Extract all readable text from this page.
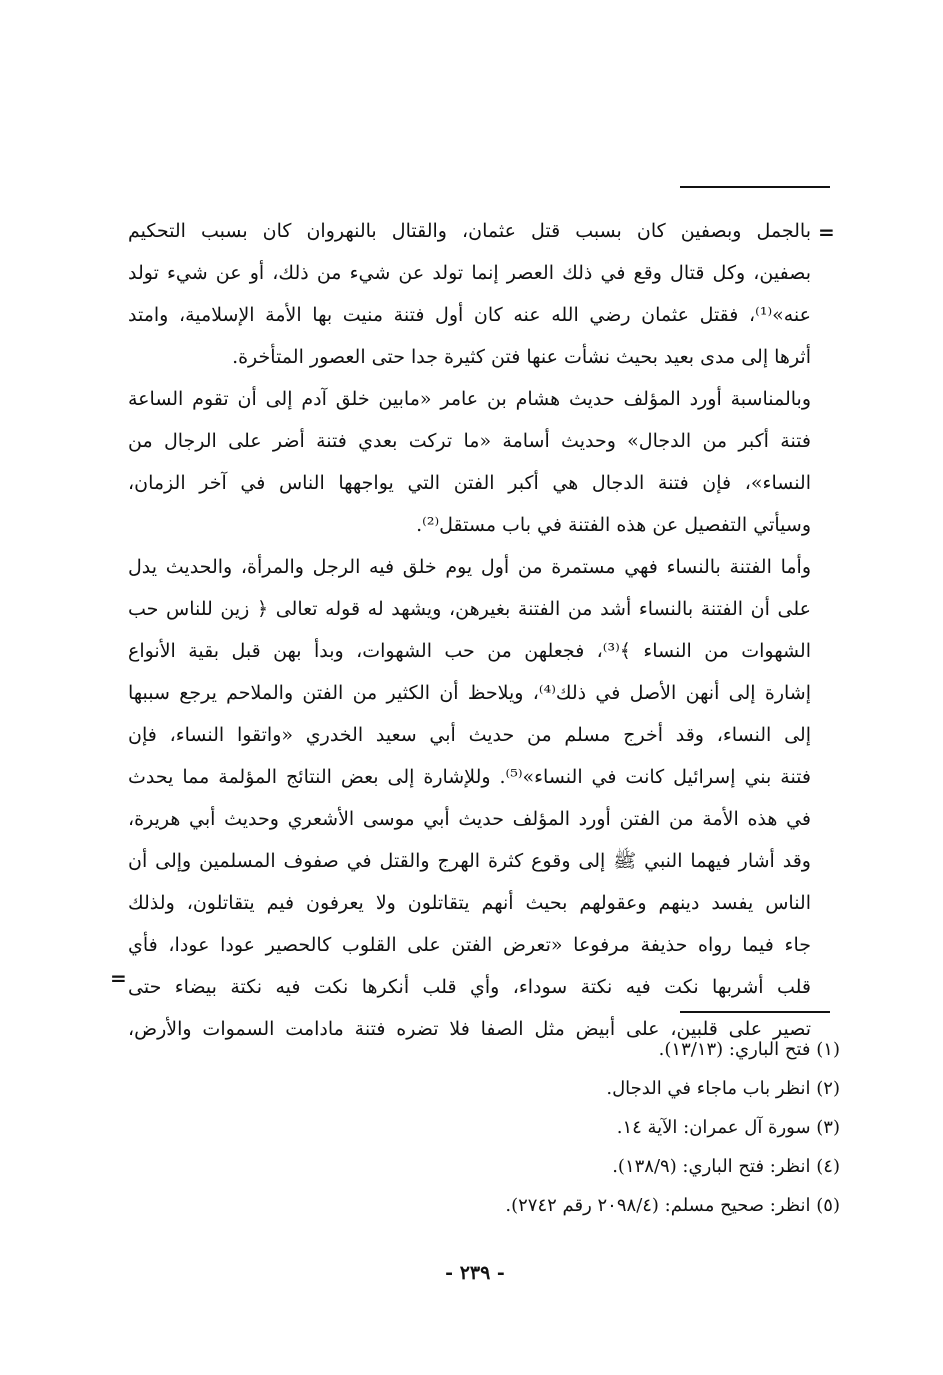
=
بالجمل وبصفين كان بسبب قتل عثمان، والقتال بالنهروان كان بسبب التحكيم
بصفين، وكل قتال وقع في ذلك العصر إنما تولد عن شيء من ذلك، أو عن شيء تولد
عنه»⁽¹⁾، فقتل عثمان رضي الله عنه كان أول فتنة منيت بها الأمة الإسلامية، وامتد
أثرها إلى مدى بعيد بحيث نشأت عنها فتن كثيرة جدا حتى العصور المتأخرة.
وبالمناسبة أورد المؤلف حديث هشام بن عامر «مابين خلق آدم إلى أن تقوم الساعة
فتنة أكبر من الدجال» وحديث أسامة «ما تركت بعدي فتنة أضر على الرجال من
النساء»، فإن فتنة الدجال هي أكبر الفتن التي يواجهها الناس في آخر الزمان،
وسيأتي التفصيل عن هذه الفتنة في باب مستقل⁽²⁾.
وأما الفتنة بالنساء فهي مستمرة من أول يوم خلق فيه الرجل والمرأة، والحديث يدل
على أن الفتنة بالنساء أشد من الفتنة بغيرهن، ويشهد له قوله تعالى ﴿ زين للناس حب
الشهوات من النساء ﴾⁽³⁾، فجعلهن من حب الشهوات، وبدأ بهن قبل بقية الأنواع
إشارة إلى أنهن الأصل في ذلك⁽⁴⁾، ويلاحظ أن الكثير من الفتن والملاحم يرجع سببها
إلى النساء، وقد أخرج مسلم من حديث أبي سعيد الخدري «واتقوا النساء، فإن
فتنة بني إسرائيل كانت في النساء»⁽⁵⁾. وللإشارة إلى بعض النتائج المؤلمة مما يحدث
في هذه الأمة من الفتن أورد المؤلف حديث أبي موسى الأشعري وحديث أبي هريرة،
وقد أشار فيهما النبي ﷺ إلى وقوع كثرة الهرج والقتل في صفوف المسلمين وإلى أن
الناس يفسد دينهم وعقولهم بحيث أنهم يتقاتلون ولا يعرفون فيم يتقاتلون، ولذلك
جاء فيما رواه حذيفة مرفوعا «تعرض الفتن على القلوب كالحصير عودا عودا، فأي
قلب أشربها نكت فيه نكتة سوداء، وأي قلب أنكرها نكت فيه نكتة بيضاء حتى
تصير على قلبين، على أبيض مثل الصفا فلا تضره فتنة مادامت السموات والأرض،
=
(١) فتح الباري: (١٣/١٣).
(٢) انظر باب ماجاء في الدجال.
(٣) سورة آل عمران: الآية ١٤.
(٤) انظر: فتح الباري: (١٣٨/٩).
(٥) انظر: صحيح مسلم: (٢٠٩٨/٤ رقم ٢٧٤٢).
- ٢٣٩ -
